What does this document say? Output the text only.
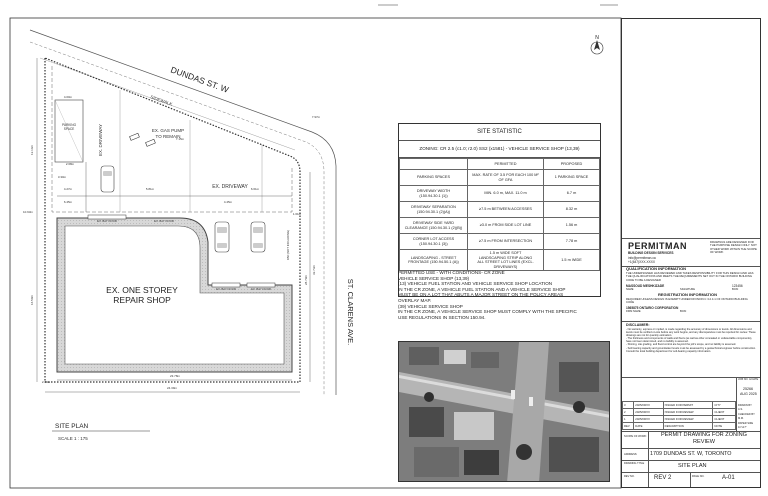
DUNDAS ST. W
ST. CLARENS AVE.
SIDEWALK
EX. DRIVEWAY
EX. DRIVEWAY
EX. GAS PUMP TO REMAIN
PARKING SPACE
EX. ONE STOREY REPAIR SHOP
EX. BAY DOOR	EX. BAY DOOR
EX. BAY DOOR	EX. BAY DOOR
PAD (NOT INCLUDING)
7.97m
6.45m	4.45m
4.27m	5.81m	6.61m
4.00m
2.68m
3.30m
23.78m
24.39m
16.50m
13.14m
28.79m
33.73m
10.93m	1.61m
2.00m
7.15m
SITE PLAN
SCALE 1 : 175
N
SITE STATISTIC
ZONING: CR 2.5 (c1.0; r2.0) SS2 (x1581) - VEHICLE SERVICE SHOP (13,39)
	PERMITTED	PROPOSED
PARKING SPACES	MAX. RATE OF 3.5 FOR EACH 100 M² OF GFA	1 PARKING SPACE
DRIVEWAY WIDTH
(150.94.30.1 (1))	MIN. 6.0 m, MAX. 11.0 m	6.7 m
DRIVEWAY SEPARATION
(150.94.30.1 (2)(A))	≥7.5 m BETWEEN ACCESSES	8.32 m
DRIVEWAY SIDE YARD
CLEARANCE (150.94.30.1 (2)(B))	≥3.0 m FROM SIDE LOT LINE	1.56 m
CORNER LOT ACCESS
(150.94.30.1 (3))	≥7.5 m FROM INTERSECTION	7.78 m
LANDSCAPING - STREET
FRONTAGE (150.94.50.1 (A))	1.5 m WIDE SOFT
LANDSCAPING STRIP ALONG
ALL STREET LOT LINES (EXCL.
DRIVEWAYS)	1.5 m WIDE
PERMITTED USE - WITH CONDITIONS- CR ZONE
VEHICLE SERVICE SHOP (13,39)
(13) VEHICLE FUEL STATION AND VEHICLE SERVICE SHOP LOCATION
IN THE CR ZONE, A VEHICLE FUEL STATION AND A VEHICLE SERVICE SHOP
MUST BE ON A LOT THAT ABUTS A MAJOR STREET ON THE POLICY AREAS
OVERLAY MAP.
(39) VEHICLE SERVICE SHOP
IN THE CR ZONE, A VEHICLE SERVICE SHOP MUST COMPLY WITH THE SPECIFIC
USE REGULATIONS IN SECTION 150.94.
PERMITMAN
BUILDING DESIGN SERVICES
info@permitman.ca
+1(647)XXX-XXXX
DRAWINGS ARE DESIGNED FOR THE PURPOSE DESIGN ONLY. NOT OTHER WORK WITHIN THE SCOPE OF WORK
QUALIFICATION INFORMATION
THE UNDERSIGNED HAS REVIEWED AND TAKES RESPONSIBILITY FOR THIS DESIGN AND HAS THE QUALIFICATIONS AND MEETS THE REQUIREMENTS SET OUT IN THE ONTARIO BUILDING CODE TO BE A DESIGNER
MASSOUD MESHKIZADE
NAME	SIGNATURE
123456
BCIN
REGISTRATION INFORMATION
REQUIRED UNLESS DESIGN IS EXEMPT UNDER DIVISION C 3.2.4.1 OF ONTARIO BUILDING CODE
1565875 ONTARIO CORPORATION
FIRM NAME	BCIN
DISCLAIMER:
- No warranty, express or implied, is made regarding the accuracy of dimensions or levels. All dimensions and levels must be verified on-site before any work begins, and any discrepancies must be reported for review. These drawings are not for quantity estimation.
- The thickness and components of walls and floors (as well as other concealed or undetectable components), have not been determined, and no liability is assumed.
- Shoring, site grading, and flood control are beyond the job's scope, and no liability is assumed.
- Soil bearing capacity and groundwater levels must be assessed by a geotechnical engineer before construction. Consult the local building department for soil-bearing capacity information.
JOB NO. & DATE
25266
AUG 2025
DRAWN BY
A.S.
CHECKED BY
M.M.
PAPER SIZE
11"x17"
3	2025/09/XX	ISSUED FOR PERMIT	CITY
2	2025/09/XX	ISSUED FOR REVIEW	CLIENT
1	2025/09/XX	ISSUED FOR REVIEW	CLIENT
REV	DATE	DESCRIPTION	NOTE
SCOPE OF WORK:	PERMIT DRAWING FOR ZONING REVIEW
ADDRESS: 1709 DUNDAS ST. W, TORONTO
DRAWING TITLE	SITE PLAN
REV NO.	REV 2	PAGE NO.	A-01
